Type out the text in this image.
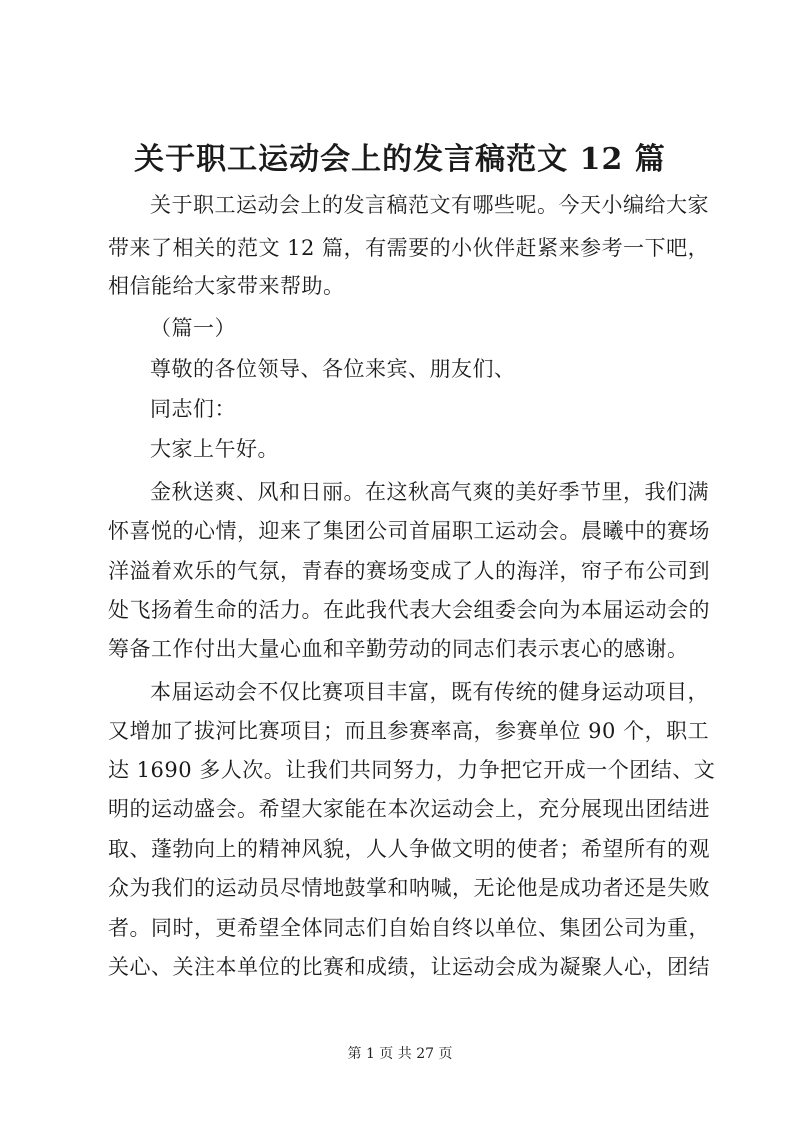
关于职工运动会上的发言稿范文 12 篇
关于职工运动会上的发言稿范文有哪些呢。今天小编给大家
带来了相关的范文 12 篇，有需要的小伙伴赶紧来参考一下吧，
相信能给大家带来帮助。
（篇一）
尊敬的各位领导、各位来宾、朋友们、
同志们：
大家上午好。
金秋送爽、风和日丽。在这秋高气爽的美好季节里，我们满
怀喜悦的心情，迎来了集团公司首届职工运动会。晨曦中的赛场
洋溢着欢乐的气氛，青春的赛场变成了人的海洋，帘子布公司到
处飞扬着生命的活力。在此我代表大会组委会向为本届运动会的
筹备工作付出大量心血和辛勤劳动的同志们表示衷心的感谢。
本届运动会不仅比赛项目丰富，既有传统的健身运动项目，
又增加了拔河比赛项目；而且参赛率高，参赛单位 90 个，职工
达 1690 多人次。让我们共同努力，力争把它开成一个团结、文
明的运动盛会。希望大家能在本次运动会上，充分展现出团结进
取、蓬勃向上的精神风貌，人人争做文明的使者；希望所有的观
众为我们的运动员尽情地鼓掌和呐喊，无论他是成功者还是失败
者。同时，更希望全体同志们自始自终以单位、集团公司为重，
关心、关注本单位的比赛和成绩，让运动会成为凝聚人心，团结
第 1 页 共 27 页
